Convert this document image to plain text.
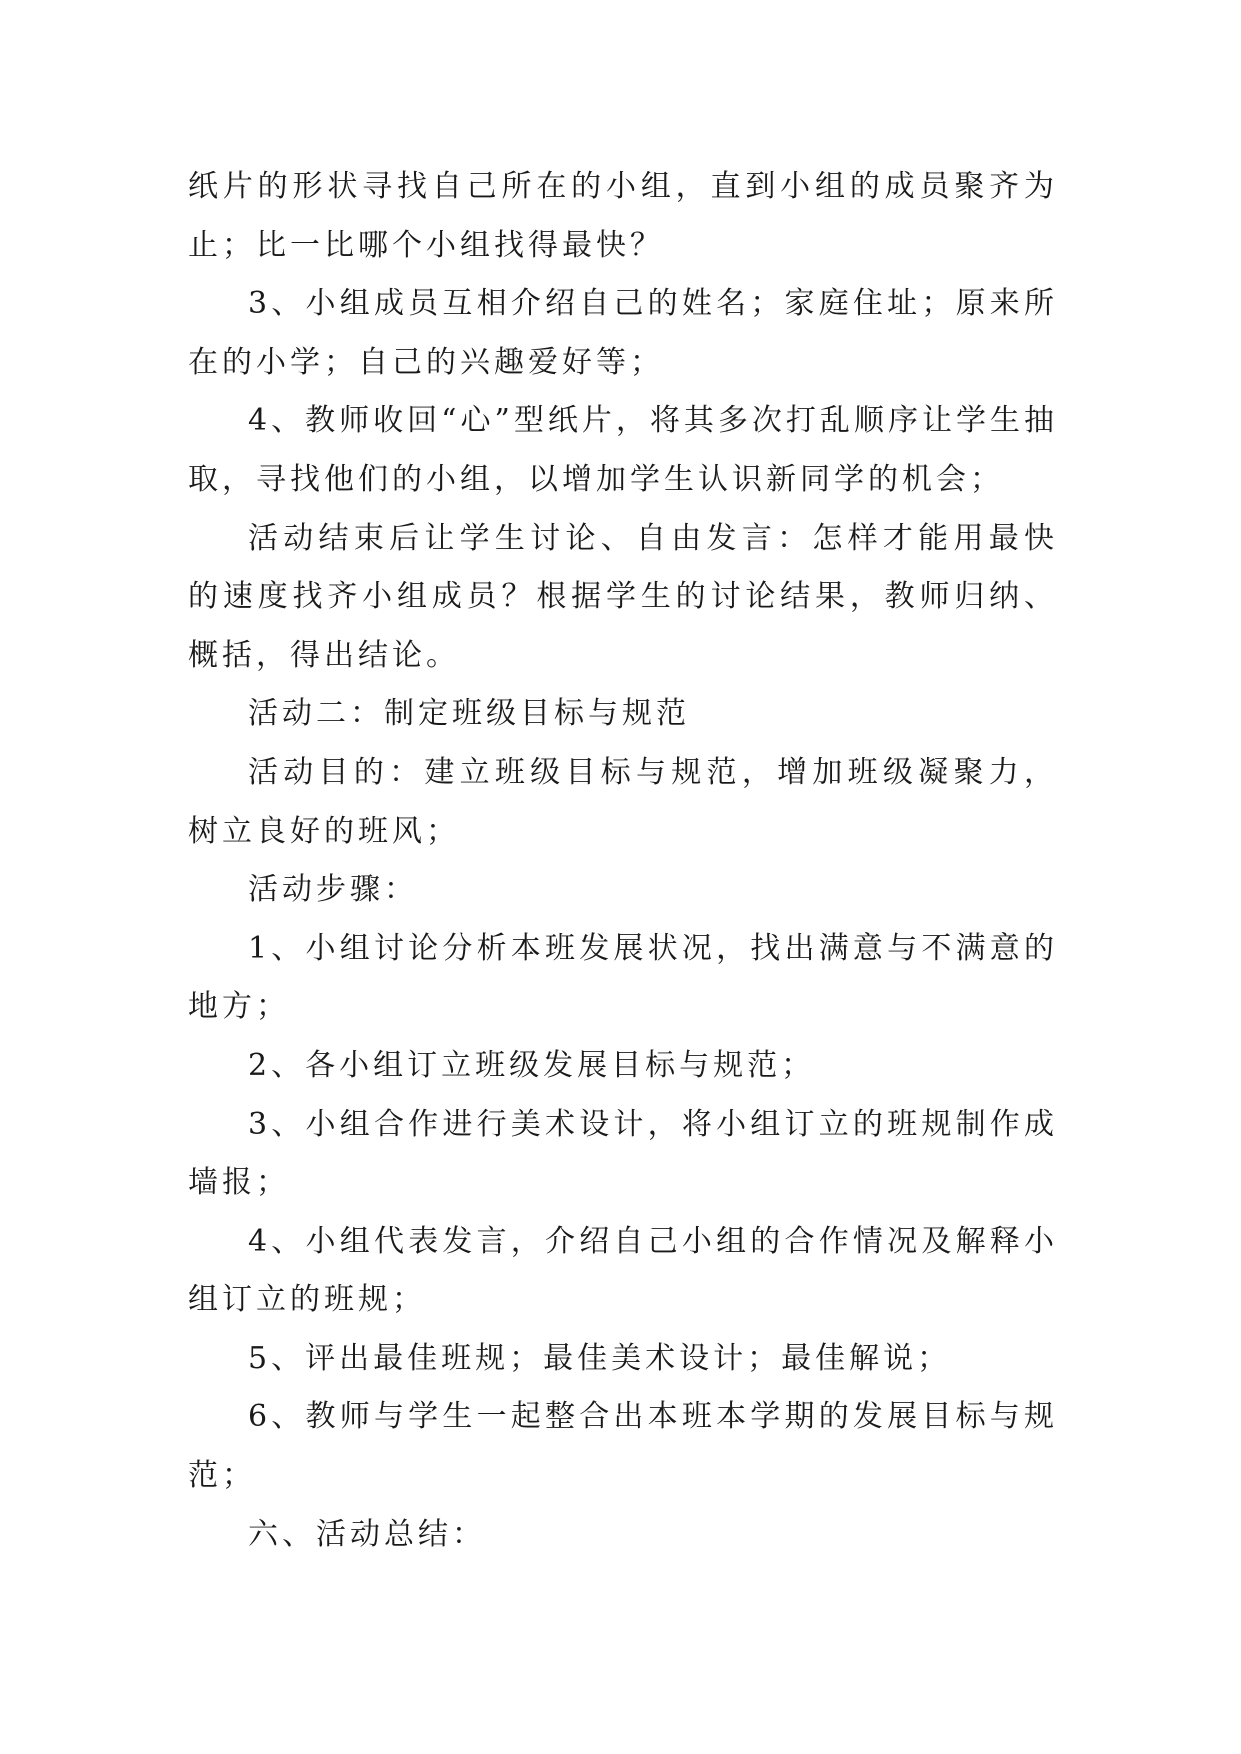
纸片的形状寻找自己所在的小组，直到小组的成员聚齐为止；比一比哪个小组找得最快？

3、小组成员互相介绍自己的姓名；家庭住址；原来所在的小学；自己的兴趣爱好等；

4、教师收回“心”型纸片，将其多次打乱顺序让学生抽取，寻找他们的小组，以增加学生认识新同学的机会；

活动结束后让学生讨论、自由发言：怎样才能用最快的速度找齐小组成员？根据学生的讨论结果，教师归纳、概括，得出结论。

活动二：制定班级目标与规范

活动目的：建立班级目标与规范，增加班级凝聚力，树立良好的班风；

活动步骤：

1、小组讨论分析本班发展状况，找出满意与不满意的地方；

2、各小组订立班级发展目标与规范；

3、小组合作进行美术设计，将小组订立的班规制作成墙报；

4、小组代表发言，介绍自己小组的合作情况及解释小组订立的班规；

5、评出最佳班规；最佳美术设计；最佳解说；

6、教师与学生一起整合出本班本学期的发展目标与规范；

六、活动总结：
